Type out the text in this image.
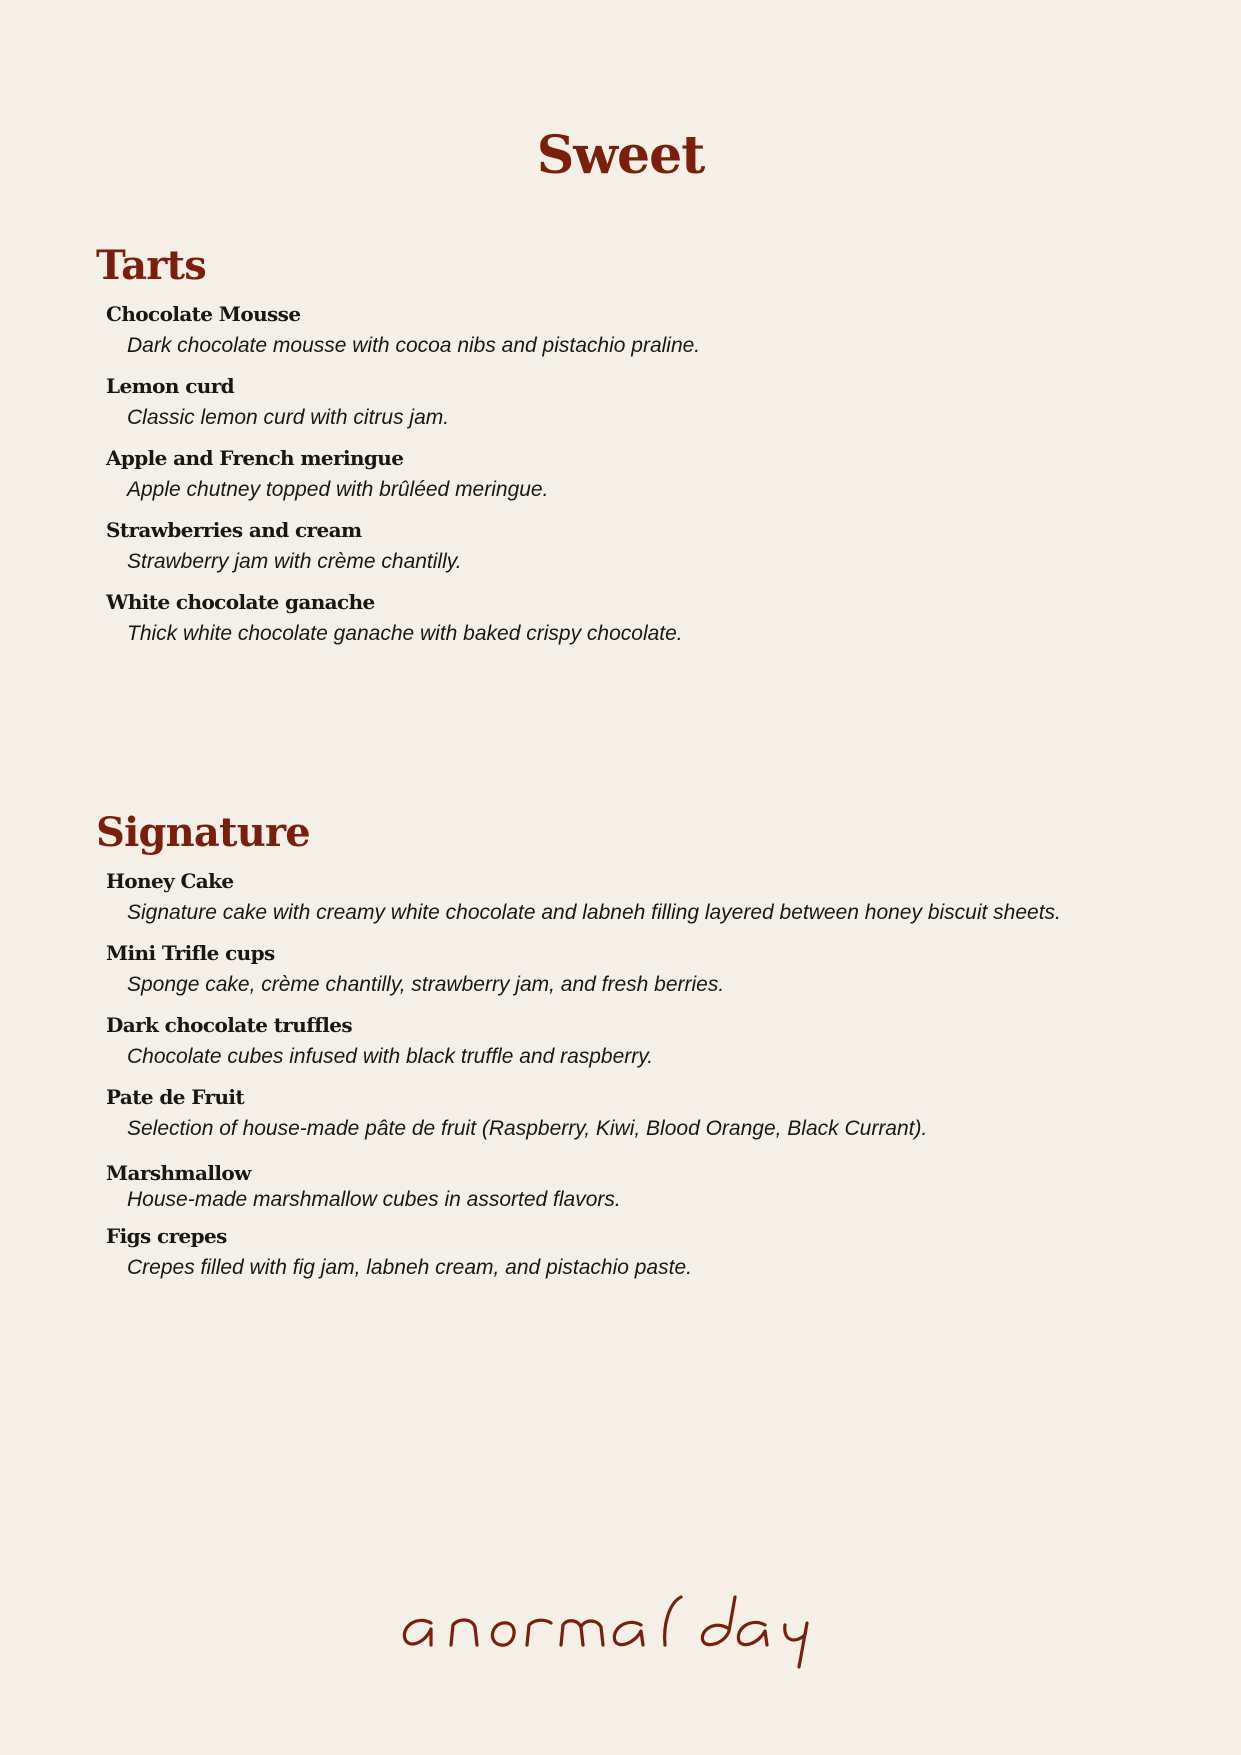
Sweet
Tarts
Chocolate Mousse
Dark chocolate mousse with cocoa nibs and pistachio praline.
Lemon curd
Classic lemon curd with citrus jam.
Apple and French meringue
Apple chutney topped with brûléed meringue.
Strawberries and cream
Strawberry jam with crème chantilly.
White chocolate ganache
Thick white chocolate ganache with baked crispy chocolate.
Signature
Honey Cake
Signature cake with creamy white chocolate and labneh filling layered between honey biscuit sheets.
Mini Trifle cups
Sponge cake, crème chantilly, strawberry jam, and fresh berries.
Dark chocolate truffles
Chocolate cubes infused with black truffle and raspberry.
Pate de Fruit
Selection of house-made pâte de fruit (Raspberry, Kiwi, Blood Orange, Black Currant).
Marshmallow
House-made marshmallow cubes in assorted flavors.
Figs crepes
Crepes filled with fig jam, labneh cream, and pistachio paste.
